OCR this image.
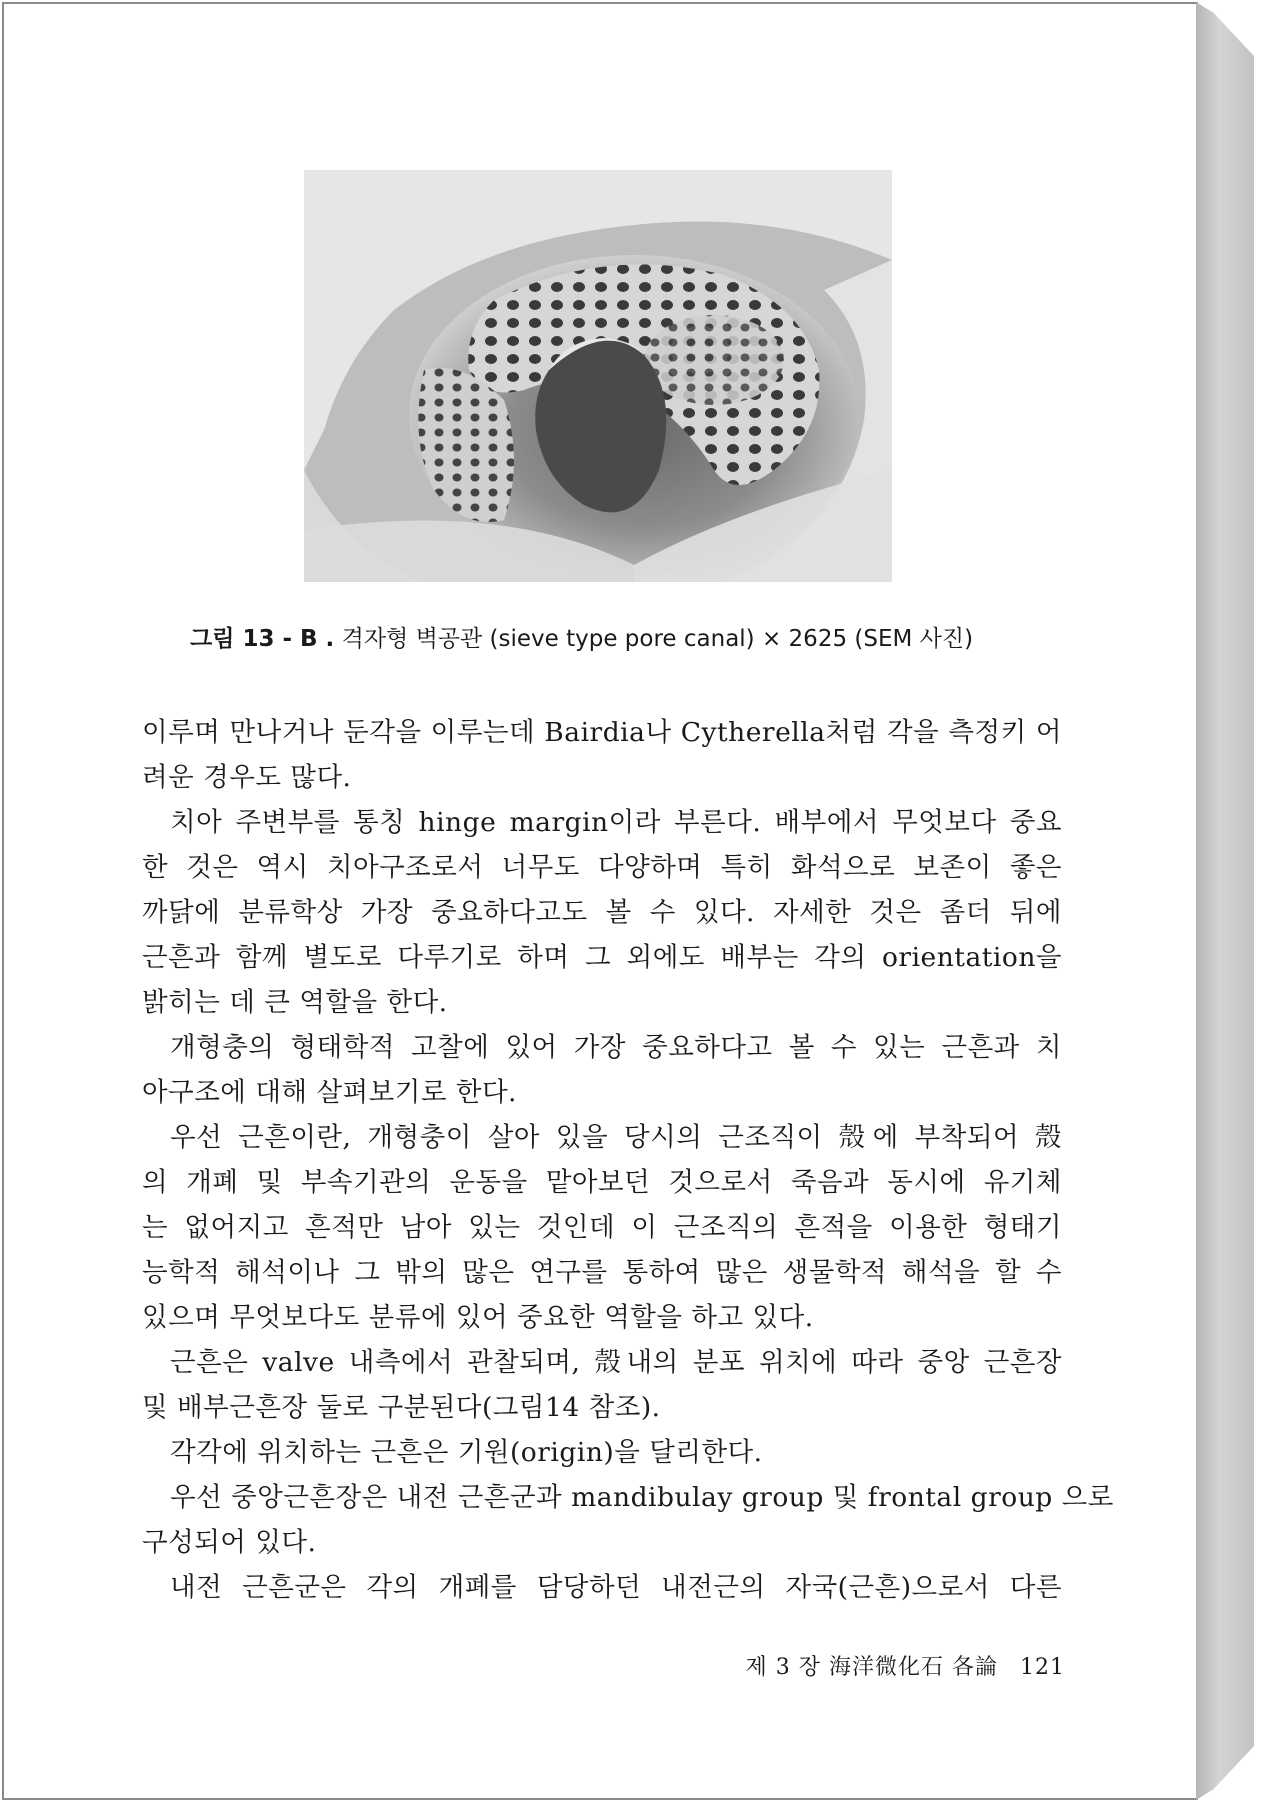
그림 13 - B . 격자형 벽공관 (sieve type pore canal) × 2625 (SEM 사진)
이루며 만나거나 둔각을 이루는데 Bairdia나 Cytherella처럼 각을 측정키 어
려운 경우도 많다.
치아 주변부를 통칭 hinge margin이라 부른다. 배부에서 무엇보다 중요
한 것은 역시 치아구조로서 너무도 다양하며 특히 화석으로 보존이 좋은
까닭에 분류학상 가장 중요하다고도 볼 수 있다. 자세한 것은 좀더 뒤에
근흔과 함께 별도로 다루기로 하며 그 외에도 배부는 각의 orientation을
밝히는 데 큰 역할을 한다.
개형충의 형태학적 고찰에 있어 가장 중요하다고 볼 수 있는 근흔과 치
아구조에 대해 살펴보기로 한다.
우선 근흔이란, 개형충이 살아 있을 당시의 근조직이 殼에 부착되어 殼
의 개폐 및 부속기관의 운동을 맡아보던 것으로서 죽음과 동시에 유기체
는 없어지고 흔적만 남아 있는 것인데 이 근조직의 흔적을 이용한 형태기
능학적 해석이나 그 밖의 많은 연구를 통하여 많은 생물학적 해석을 할 수
있으며 무엇보다도 분류에 있어 중요한 역할을 하고 있다.
근흔은 valve 내측에서 관찰되며, 殼내의 분포 위치에 따라 중앙 근흔장
및 배부근흔장 둘로 구분된다(그림14 참조).
각각에 위치하는 근흔은 기원(origin)을 달리한다.
우선 중앙근흔장은 내전 근흔군과 mandibulay group 및 frontal group 으로
구성되어 있다.
내전 근흔군은 각의 개폐를 담당하던 내전근의 자국(근흔)으로서 다른
제 3 장 海洋微化石 各論 121
